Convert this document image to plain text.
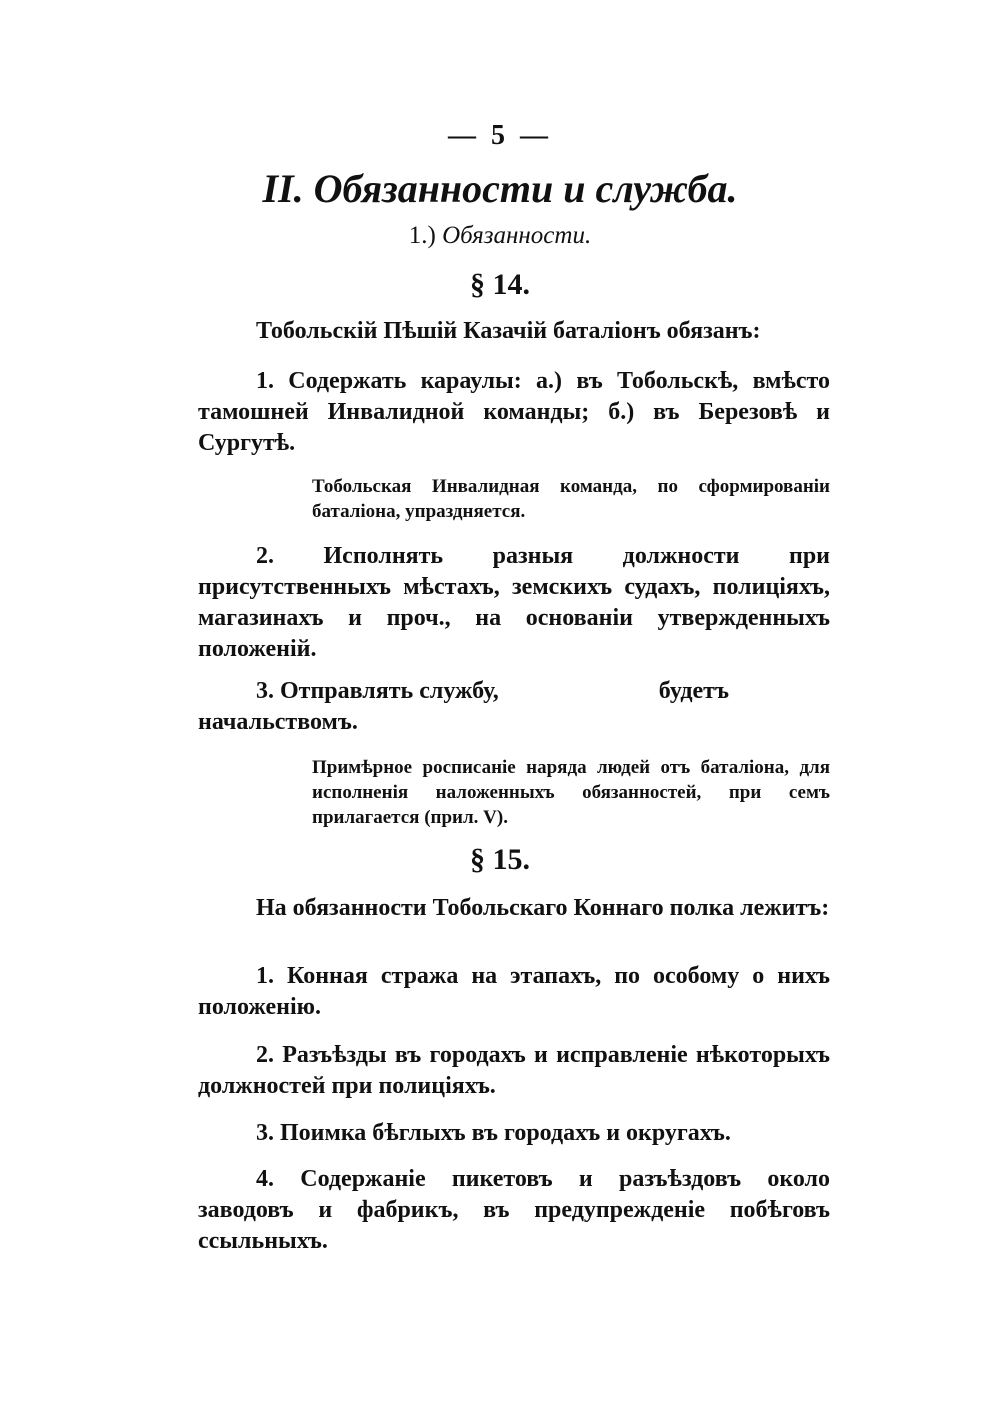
— 5 —
II. Обязанности и служба.
1.) Обязанности.
§ 14.
Тобольскій Пѣшій Казачій баталіонъ обязанъ:
1. Содержать караулы: а.) въ Тобольскѣ, вмѣсто тамошней Инвалидной команды; б.) въ Березовѣ и Сургутѣ.
Тобольская Инвалидная команда, по сформированіи баталіона, упраздняется.
2. Исполнять разныя должности при присутственныхъ мѣстахъ, земскихъ судахъ, полиціяхъ, магазинахъ и проч., на основаніи утвержденныхъ положеній.
3. Отправлять службу,	будетъ
начальствомъ.
Примѣрное росписаніе наряда людей отъ баталіона, для исполненія наложенныхъ обязанностей, при семъ прилагается (прил. V).
§ 15.
На обязанности Тобольскаго Коннаго полка лежитъ:
1. Конная стража на этапахъ, по особому о нихъ положенію.
2. Разъѣзды въ городахъ и исправленіе нѣкоторыхъ должностей при полиціяхъ.
3. Поимка бѣглыхъ въ городахъ и округахъ.
4. Содержаніе пикетовъ и разъѣздовъ около заводовъ и фабрикъ, въ предупрежденіе побѣговъ ссыльныхъ.
